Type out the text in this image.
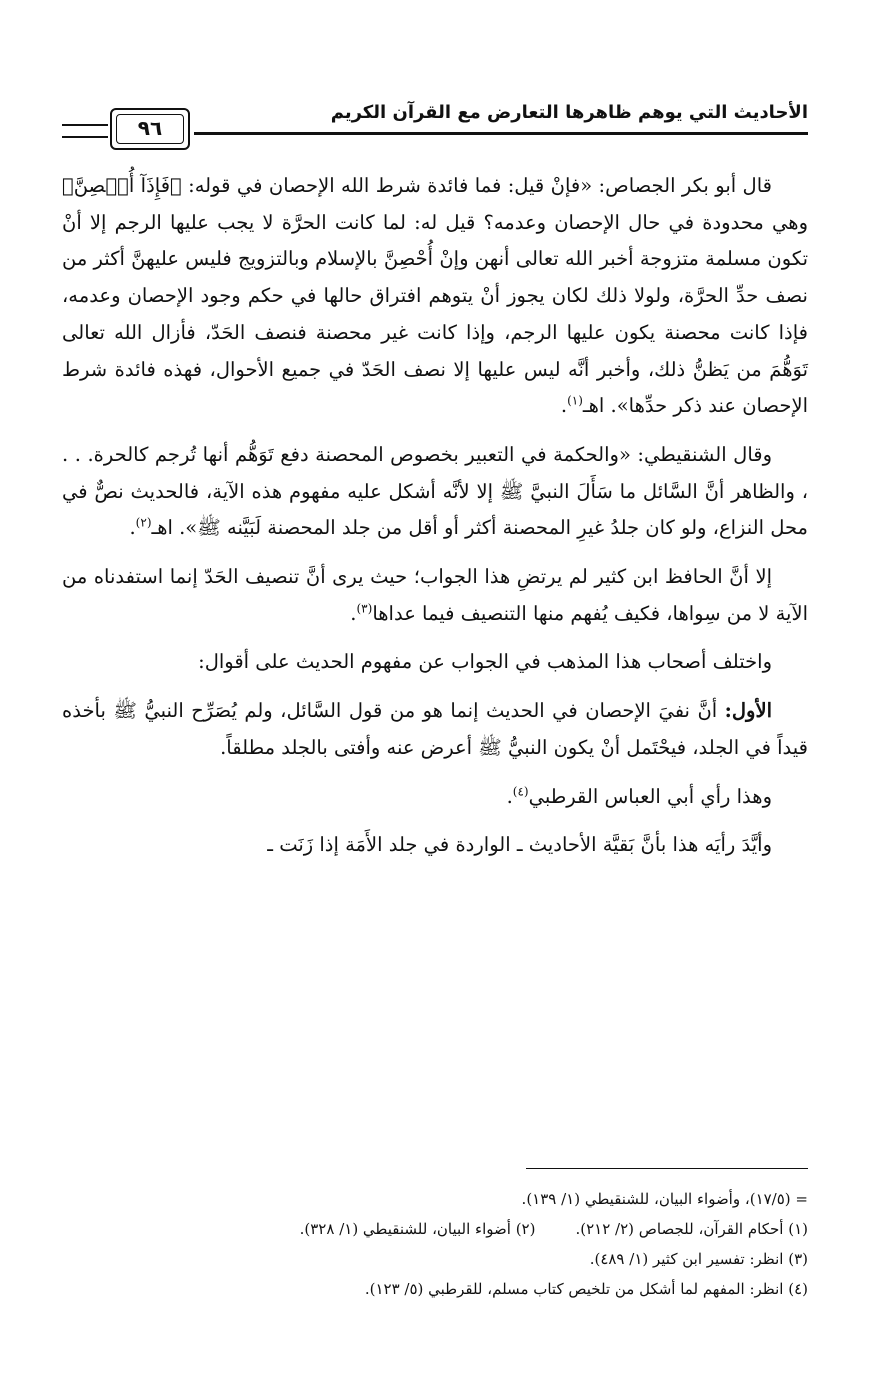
الأحاديث التي يوهم ظاهرها التعارض مع القرآن الكريم
٩٦

قال أبو بكر الجصاص: «فإنْ قيل: فما فائدة شرط الله الإحصان في قوله: ﴿فَإِذَآ أُحۡصِنَّ﴾ وهي محدودة في حال الإحصان وعدمه؟ قيل له: لما كانت الحرَّة لا يجب عليها الرجم إلا أنْ تكون مسلمة متزوجة أخبر الله تعالى أنهن وإنْ أُحْصِنَّ بالإسلام وبالتزويج فليس عليهنَّ أكثر من نصف حدِّ الحرَّة، ولولا ذلك لكان يجوز أنْ يتوهم افتراق حالها في حكم وجود الإحصان وعدمه، فإذا كانت محصنة يكون عليها الرجم، وإذا كانت غير محصنة فنصف الحَدّ، فأزال الله تعالى تَوَهُّمَ من يَظنُّ ذلك، وأخبر أنَّه ليس عليها إلا نصف الحَدّ في جميع الأحوال، فهذه فائدة شرط الإحصان عند ذكر حدِّها». اهـ$^{(١)}$.

وقال الشنقيطي: «والحكمة في التعبير بخصوص المحصنة دفع تَوَهُّم أنها تُرجم كالحرة. . . ، والظاهر أنَّ السَّائل ما سَأَلَ النبيَّ ﷺ إلا لأنَّه أشكل عليه مفهوم هذه الآية، فالحديث نصٌّ في محل النزاع، ولو كان جلدُ غيرِ المحصنة أكثر أو أقل من جلد المحصنة لَبَيَّنه ﷺ». اهـ$^{(٢)}$.

إلا أنَّ الحافظ ابن كثير لم يرتضِ هذا الجواب؛ حيث يرى أنَّ تنصيف الحَدّ إنما استفدناه من الآية لا من سِواها، فكيف يُفهم منها التنصيف فيما عداها$^{(٣)}$.

واختلف أصحاب هذا المذهب في الجواب عن مفهوم الحديث على أقوال:

الأول: أنَّ نفيَ الإحصان في الحديث إنما هو من قول السَّائل، ولم يُصَرِّح النبيُّ ﷺ بأخذه قيداً في الجلد، فيحْتَمل أنْ يكون النبيُّ ﷺ أعرض عنه وأفتى بالجلد مطلقاً.

وهذا رأي أبي العباس القرطبي$^{(٤)}$.

وأيَّدَ رأيَه هذا بأنَّ بَقيَّة الأحاديث ـ الواردة في جلد الأَمَة إذا زَنَت ـ

= (١٧/٥)، وأضواء البيان، للشنقيطي (١/ ١٣٩).
(١) أحكام القرآن، للجصاص (٢/ ٢١٢).(٢) أضواء البيان، للشنقيطي (١/ ٣٢٨).
(٣) انظر: تفسير ابن كثير (١/ ٤٨٩).
(٤) انظر: المفهم لما أشكل من تلخيص كتاب مسلم، للقرطبي (٥/ ١٢٣).
